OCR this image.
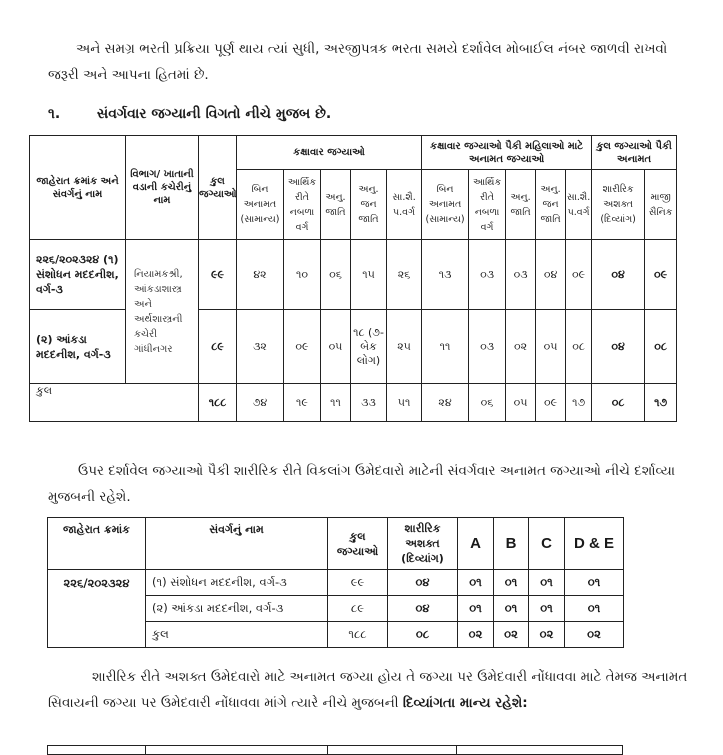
અને સમગ્ર ભરતી પ્રક્રિયા પૂર્ણ થાય ત્યાં સુધી, અરજીપત્રક ભરતા સમયે દર્શાવેલ મોબાઈલ નંબર જાળવી રાખવો જરૂરી અને આપના હિતમાં છે.
૧.	સંવર્ગવાર જગ્યાની વિગતો નીચે મુજબ છે.
જાહેરાત ક્રમાંક અને સંવર્ગનું નામ	વિભાગ/ ખાતાની વડાની કચેરીનું નામ	કુલ જગ્યાઓ	કક્ષાવાર જગ્યાઓ					કક્ષાવાર જગ્યાઓ પૈકી મહિલાઓ માટે અનામત જગ્યાઓ					કુલ જગ્યાઓ પૈકી અનામત	
			બિન અનામત (સામાન્ય)	આર્થિક રીતે નબળા વર્ગ	અનુ. જાતિ	અનુ. જન જાતિ	સા.શૈ. પ.વર્ગ	બિન અનામત (સામાન્ય)	આર્થિક રીતે નબળા વર્ગ	અનુ. જાતિ	અનુ. જન જાતિ	સા.શૈ. પ.વર્ગ	શારીરિક અશક્ત (દિવ્યાંગ)	માજી સૈનિક
૨૨૬/૨૦૨૩૨૪ (૧) સંશોધન મદદનીશ, વર્ગ-૩	નિયામકશ્રી, આંકડાશાસ્ત્ર અને અર્થશાસ્ત્રની કચેરી ગાંધીનગર	૯૯	૪૨	૧૦	૦૬	૧૫	૨૬	૧૩	૦૩	૦૩	૦૪	૦૯	૦૪	૦૯
(૨) આંકડા મદદનીશ, વર્ગ-૩		૮૯	૩૨	૦૯	૦૫	૧૮ (૭-બેક લોગ)	૨૫	૧૧	૦૩	૦૨	૦૫	૦૮	૦૪	૦૮
કુલ		૧૮૮	૭૪	૧૯	૧૧	૩૩	૫૧	૨૪	૦૬	૦૫	૦૯	૧૭	૦૮	૧૭
ઉપર દર્શાવેલ જગ્યાઓ પૈકી શારીરિક રીતે વિકલાંગ ઉમેદવારો માટેની સંવર્ગવાર અનામત જગ્યાઓ નીચે દર્શાવ્યા મુજબની રહેશે.
જાહેરાત ક્રમાંક	સંવર્ગનું નામ	કુલ જગ્યાઓ	શારીરિક અશક્ત (દિવ્યાંગ)	A	B	C	D & E
૨૨૬/૨૦૨૩૨૪	(૧) સંશોધન મદદનીશ, વર્ગ-૩	૯૯	૦૪	૦૧	૦૧	૦૧	૦૧
	(૨) આંકડા મદદનીશ, વર્ગ-૩	૮૯	૦૪	૦૧	૦૧	૦૧	૦૧
	કુલ	૧૮૮	૦૮	૦૨	૦૨	૦૨	૦૨
શારીરિક રીતે અશક્ત ઉમેદવારો માટે અનામત જગ્યા હોય તે જગ્યા પર ઉમેદવારી નોંધાવવા માટે તેમજ અનામત સિવાયની જગ્યા પર ઉમેદવારી નોંધાવવા માંગે ત્યારે નીચે મુજબની દિવ્યાંગતા માન્ય રહેશે:
